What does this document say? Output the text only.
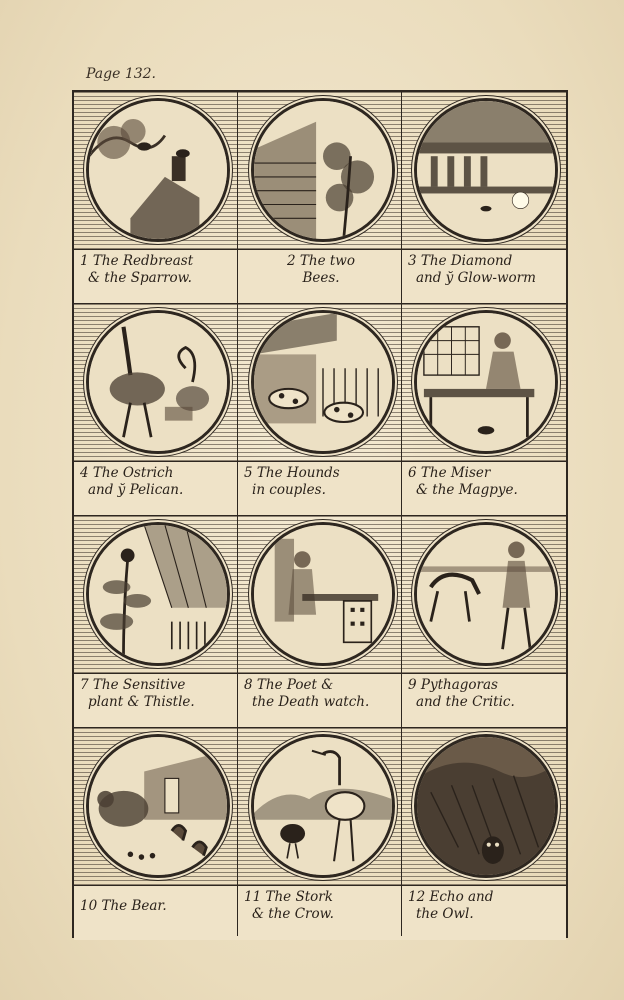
Page 132.
1 The Redbreast
& the Sparrow.
2 The two
Bees.
3 The Diamond
and y̆ Glow-worm
4 The Ostrich
and y̆ Pelican.
5 The Hounds
in couples.
6 The Miser
& the Magpye.
7 The Sensitive
plant & Thistle.
8 The Poet &
the Death watch.
9 Pythagoras
and the Critic.
10 The Bear.
11 The Stork
& the Crow.
12 Echo and
the Owl.
